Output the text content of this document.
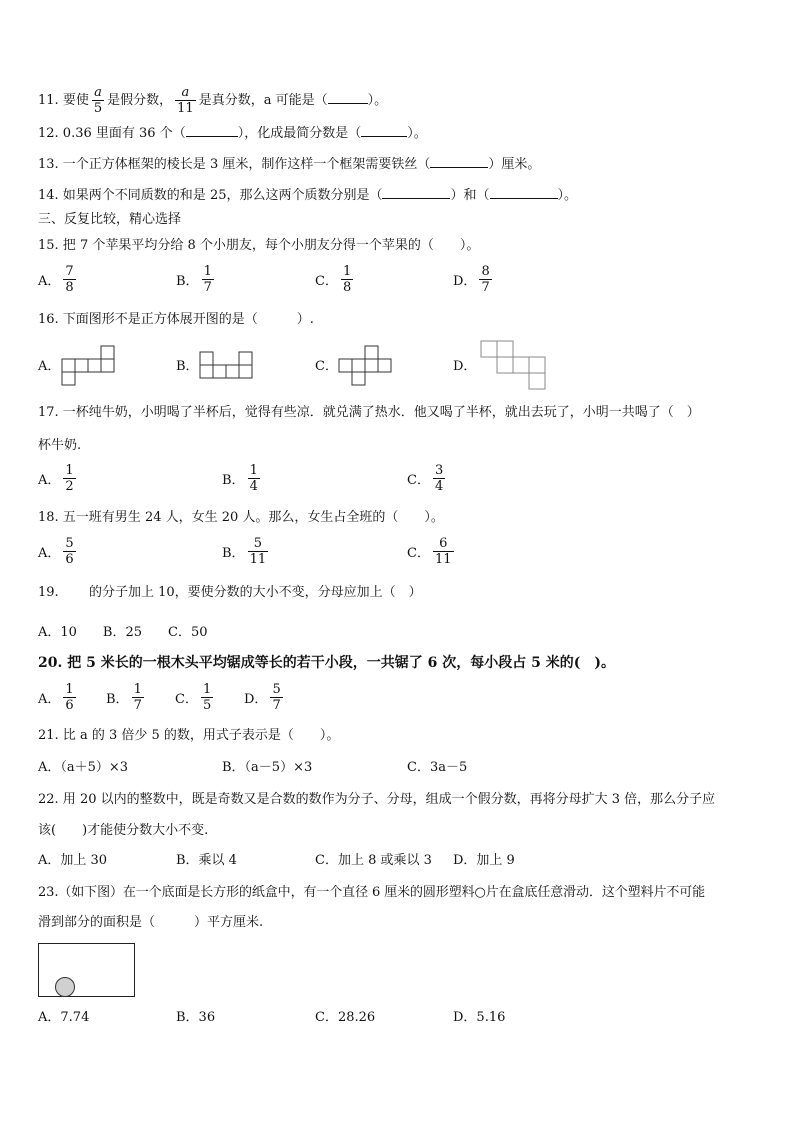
11. 要使 $\frac{a}{5}$ 是假分数， $\frac{a}{11}$ 是真分数，a 可能是（	）。
12. 0.36 里面有 36 个（	），化成最简分数是（	）。
13. 一个正方体框架的棱长是 3 厘米，制作这样一个框架需要铁丝（	）厘米。
14. 如果两个不同质数的和是 25，那么这两个质数分别是（	）和（	）。
三、反复比较，精心选择
15. 把 7 个苹果平均分给 8 个小朋友，每个小朋友分得一个苹果的（　　）。
A． $\frac{7}{8}$	B． $\frac{1}{7}$	C． $\frac{1}{8}$	D． $\frac{8}{7}$
16. 下面图形不是正方体展开图的是（　　　）.
A．	B．	C．	D．
17. 一杯纯牛奶，小明喝了半杯后，觉得有些凉．就兑满了热水．他又喝了半杯，就出去玩了，小明一共喝了（　）
杯牛奶.
A． $\frac{1}{2}$	B． $\frac{1}{4}$	C． $\frac{3}{4}$
18. 五一班有男生 24 人，女生 20 人。那么，女生占全班的（　　）。
A． $\frac{5}{6}$	B． $\frac{5}{11}$	C． $\frac{6}{11}$
19. 的分子加上 10，要使分数的大小不变，分母应加上（　）
A．10　　B．25　　C．50
20. 把 5 米长的一根木头平均锯成等长的若干小段，一共锯了 6 次，每小段占 5 米的(　)。
A． $\frac{1}{6}$ B． $\frac{1}{7}$ C． $\frac{1}{5}$ D． $\frac{5}{7}$
21. 比 a 的 3 倍少 5 的数，用式子表示是（　　）。
A．（a＋5）×3	B．（a－5）×3	C．3a－5
22. 用 20 以内的整数中，既是奇数又是合数的数作为分子、分母，组成一个假分数，再将分母扩大 3 倍，那么分子应
该(　　)才能使分数大小不变.
A．加上 30	B．乘以 4	C．加上 8 或乘以 3 D．加上 9
23.（如下图）在一个底面是长方形的纸盒中，有一个直径 6 厘米的圆形塑料○片在盒底任意滑动．这个塑料片不可能
滑到部分的面积是（　　　）平方厘米.
A．7.74	B．36	C．28.26	D．5.16
